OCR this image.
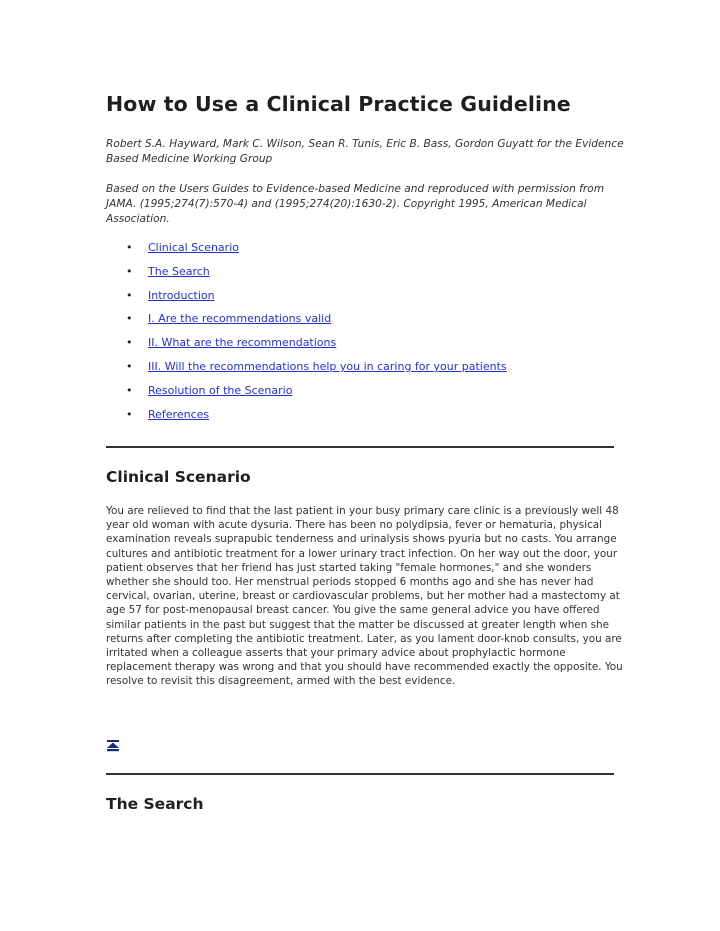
How to Use a Clinical Practice Guideline

Robert S.A. Hayward, Mark C. Wilson, Sean R. Tunis, Eric B. Bass, Gordon Guyatt for the Evidence Based Medicine Working Group

Based on the Users Guides to Evidence-based Medicine and reproduced with permission from JAMA. (1995;274(7):570-4) and (1995;274(20):1630-2). Copyright 1995, American Medical Association.

• Clinical Scenario
• The Search
• Introduction
• I. Are the recommendations valid
• II. What are the recommendations
• III. Will the recommendations help you in caring for your patients
• Resolution of the Scenario
• References
Clinical Scenario

You are relieved to find that the last patient in your busy primary care clinic is a previously well 48 year old woman with acute dysuria. There has been no polydipsia, fever or hematuria, physical examination reveals suprapubic tenderness and urinalysis shows pyuria but no casts. You arrange cultures and antibiotic treatment for a lower urinary tract infection. On her way out the door, your patient observes that her friend has just started taking "female hormones," and she wonders whether she should too. Her menstrual periods stopped 6 months ago and she has never had cervical, ovarian, uterine, breast or cardiovascular problems, but her mother had a mastectomy at age 57 for post-menopausal breast cancer. You give the same general advice you have offered similar patients in the past but suggest that the matter be discussed at greater length when she returns after completing the antibiotic treatment. Later, as you lament door-knob consults, you are irritated when a colleague asserts that your primary advice about prophylactic hormone replacement therapy was wrong and that you should have recommended exactly the opposite. You resolve to revisit this disagreement, armed with the best evidence.

The Search
